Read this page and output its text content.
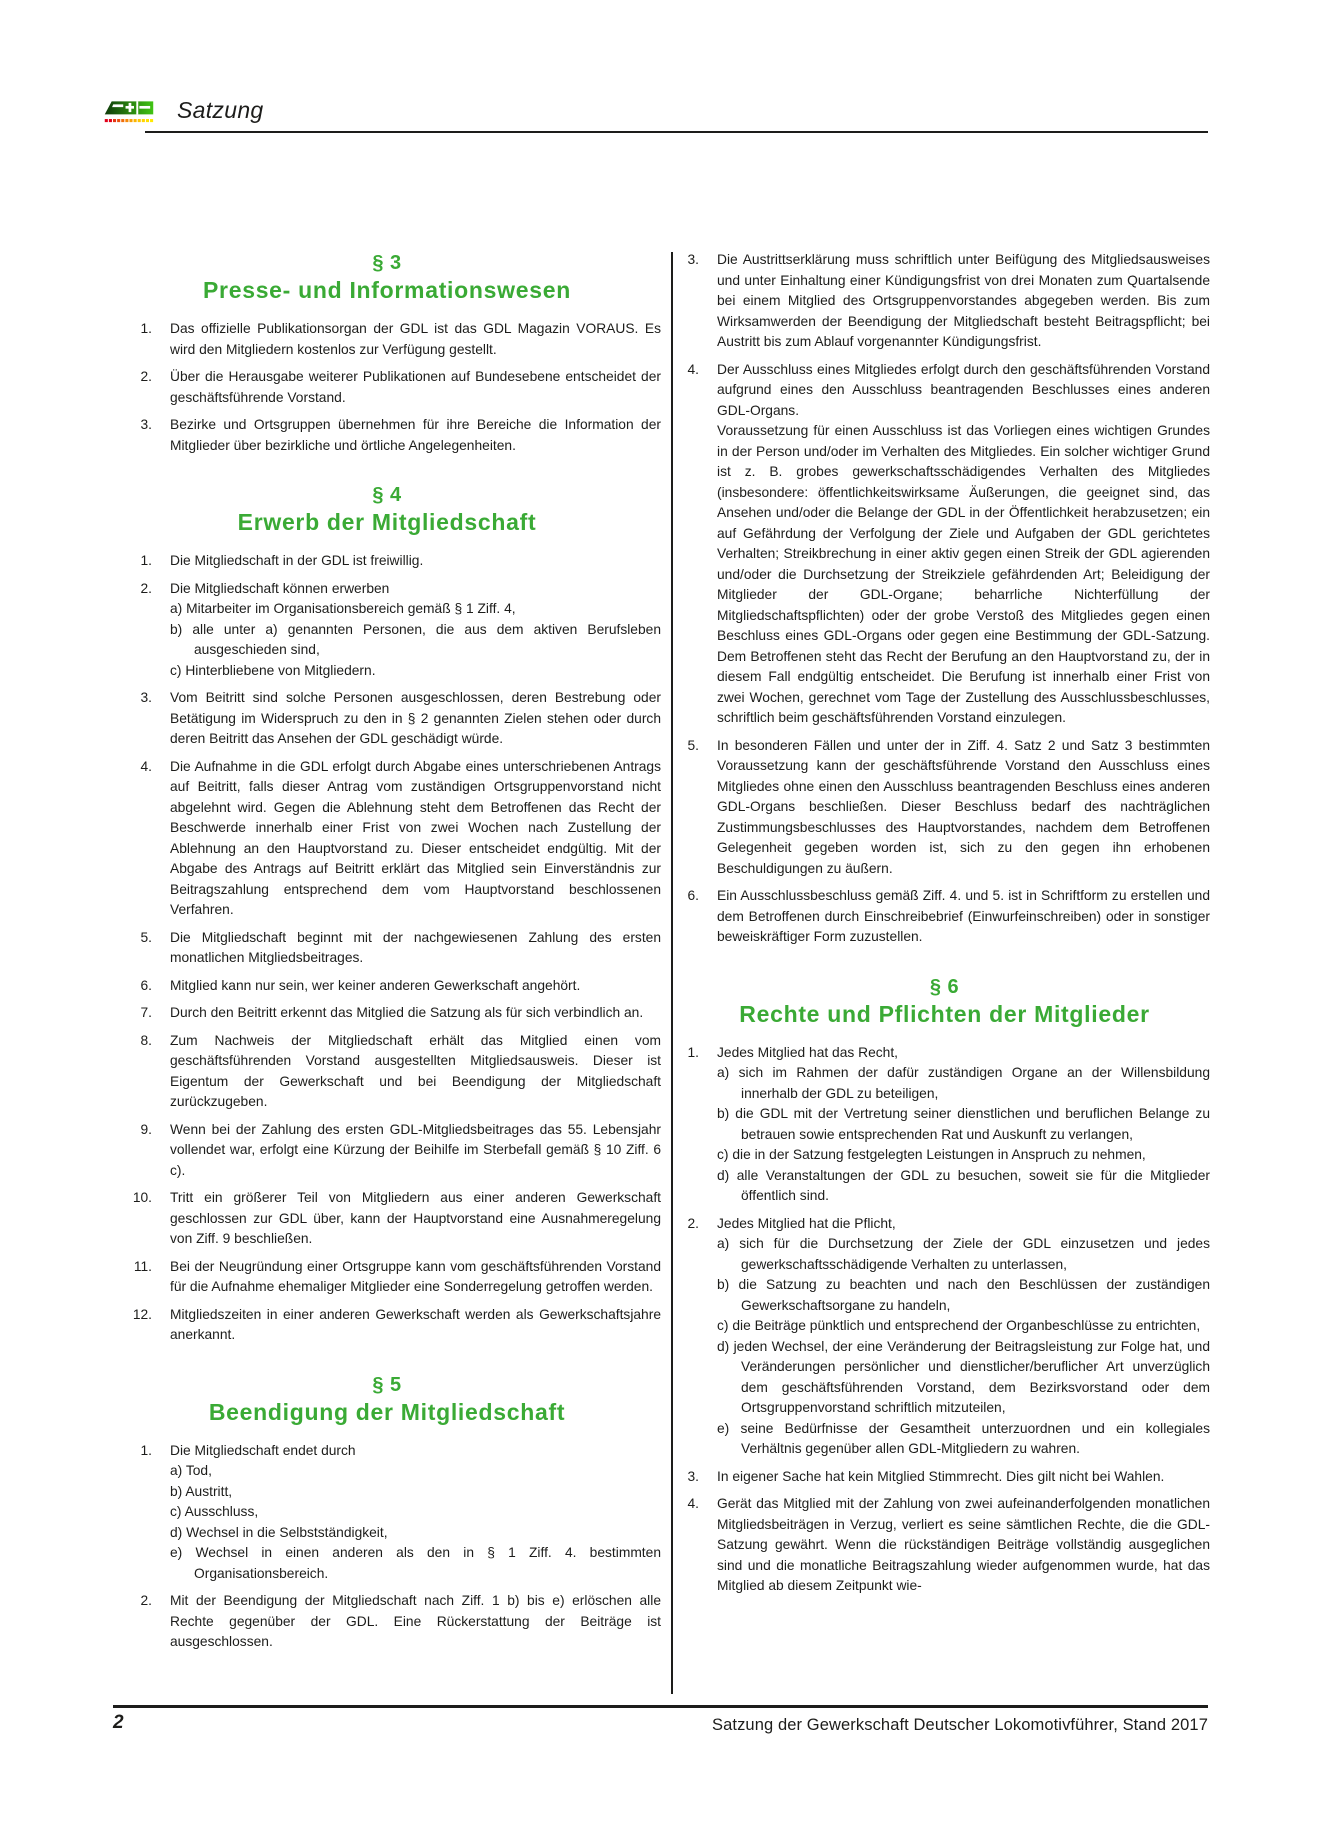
Satzung
§ 3
Presse- und Informationswesen
1. Das offizielle Publikationsorgan der GDL ist das GDL Magazin VORAUS. Es wird den Mitgliedern kostenlos zur Verfügung gestellt.
2. Über die Herausgabe weiterer Publikationen auf Bundesebene entscheidet der geschäftsführende Vorstand.
3. Bezirke und Ortsgruppen übernehmen für ihre Bereiche die Information der Mitglieder über bezirkliche und örtliche Angelegenheiten.
§ 4
Erwerb der Mitgliedschaft
1. Die Mitgliedschaft in der GDL ist freiwillig.
2. Die Mitgliedschaft können erwerben
a) Mitarbeiter im Organisationsbereich gemäß § 1 Ziff. 4,
b) alle unter a) genannten Personen, die aus dem aktiven Berufsleben ausgeschieden sind,
c) Hinterbliebene von Mitgliedern.
3. Vom Beitritt sind solche Personen ausgeschlossen, deren Bestrebung oder Betätigung im Widerspruch zu den in § 2 genannten Zielen stehen oder durch deren Beitritt das Ansehen der GDL geschädigt würde.
4. Die Aufnahme in die GDL erfolgt durch Abgabe eines unterschriebenen Antrags auf Beitritt, falls dieser Antrag vom zuständigen Ortsgruppenvorstand nicht abgelehnt wird. Gegen die Ablehnung steht dem Betroffenen das Recht der Beschwerde innerhalb einer Frist von zwei Wochen nach Zustellung der Ablehnung an den Hauptvorstand zu. Dieser entscheidet endgültig. Mit der Abgabe des Antrags auf Beitritt erklärt das Mitglied sein Einverständnis zur Beitragszahlung entsprechend dem vom Hauptvorstand beschlossenen Verfahren.
5. Die Mitgliedschaft beginnt mit der nachgewiesenen Zahlung des ersten monatlichen Mitgliedsbeitrages.
6. Mitglied kann nur sein, wer keiner anderen Gewerkschaft angehört.
7. Durch den Beitritt erkennt das Mitglied die Satzung als für sich verbindlich an.
8. Zum Nachweis der Mitgliedschaft erhält das Mitglied einen vom geschäftsführenden Vorstand ausgestellten Mitgliedsausweis. Dieser ist Eigentum der Gewerkschaft und bei Beendigung der Mitgliedschaft zurückzugeben.
9. Wenn bei der Zahlung des ersten GDL-Mitgliedsbeitrages das 55. Lebensjahr vollendet war, erfolgt eine Kürzung der Beihilfe im Sterbefall gemäß § 10 Ziff. 6 c).
10. Tritt ein größerer Teil von Mitgliedern aus einer anderen Gewerkschaft geschlossen zur GDL über, kann der Hauptvorstand eine Ausnahmeregelung von Ziff. 9 beschließen.
11. Bei der Neugründung einer Ortsgruppe kann vom geschäftsführenden Vorstand für die Aufnahme ehemaliger Mitglieder eine Sonderregelung getroffen werden.
12. Mitgliedszeiten in einer anderen Gewerkschaft werden als Gewerkschaftsjahre anerkannt.
§ 5
Beendigung der Mitgliedschaft
1. Die Mitgliedschaft endet durch
a) Tod,
b) Austritt,
c) Ausschluss,
d) Wechsel in die Selbstständigkeit,
e) Wechsel in einen anderen als den in § 1 Ziff. 4. bestimmten Organisationsbereich.
2. Mit der Beendigung der Mitgliedschaft nach Ziff. 1 b) bis e) erlöschen alle Rechte gegenüber der GDL. Eine Rückerstattung der Beiträge ist ausgeschlossen.
3. Die Austrittserklärung muss schriftlich unter Beifügung des Mitgliedsausweises und unter Einhaltung einer Kündigungsfrist von drei Monaten zum Quartalsende bei einem Mitglied des Ortsgruppenvorstandes abgegeben werden. Bis zum Wirksamwerden der Beendigung der Mitgliedschaft besteht Beitragspflicht; bei Austritt bis zum Ablauf vorgenannter Kündigungsfrist.
4. Der Ausschluss eines Mitgliedes erfolgt durch den geschäftsführenden Vorstand aufgrund eines den Ausschluss beantragenden Beschlusses eines anderen GDL-Organs.
Voraussetzung für einen Ausschluss ist das Vorliegen eines wichtigen Grundes in der Person und/oder im Verhalten des Mitgliedes. Ein solcher wichtiger Grund ist z. B. grobes gewerkschaftsschädigendes Verhalten des Mitgliedes (insbesondere: öffentlichkeitswirksame Äußerungen, die geeignet sind, das Ansehen und/oder die Belange der GDL in der Öffentlichkeit herabzusetzen; ein auf Gefährdung der Verfolgung der Ziele und Aufgaben der GDL gerichtetes Verhalten; Streikbrechung in einer aktiv gegen einen Streik der GDL agierenden und/oder die Durchsetzung der Streikziele gefährdenden Art; Beleidigung der Mitglieder der GDL-Organe; beharrliche Nichterfüllung der Mitgliedschaftspflichten) oder der grobe Verstoß des Mitgliedes gegen einen Beschluss eines GDL-Organs oder gegen eine Bestimmung der GDL-Satzung. Dem Betroffenen steht das Recht der Berufung an den Hauptvorstand zu, der in diesem Fall endgültig entscheidet. Die Berufung ist innerhalb einer Frist von zwei Wochen, gerechnet vom Tage der Zustellung des Ausschlussbeschlusses, schriftlich beim geschäftsführenden Vorstand einzulegen.
5. In besonderen Fällen und unter der in Ziff. 4. Satz 2 und Satz 3 bestimmten Voraussetzung kann der geschäftsführende Vorstand den Ausschluss eines Mitgliedes ohne einen den Ausschluss beantragenden Beschluss eines anderen GDL-Organs beschließen. Dieser Beschluss bedarf des nachträglichen Zustimmungsbeschlusses des Hauptvorstandes, nachdem dem Betroffenen Gelegenheit gegeben worden ist, sich zu den gegen ihn erhobenen Beschuldigungen zu äußern.
6. Ein Ausschlussbeschluss gemäß Ziff. 4. und 5. ist in Schriftform zu erstellen und dem Betroffenen durch Einschreibebrief (Einwurfeinschreiben) oder in sonstiger beweiskräftiger Form zuzustellen.
§ 6
Rechte und Pflichten der Mitglieder
1. Jedes Mitglied hat das Recht,
a) sich im Rahmen der dafür zuständigen Organe an der Willensbildung innerhalb der GDL zu beteiligen,
b) die GDL mit der Vertretung seiner dienstlichen und beruflichen Belange zu betrauen sowie entsprechenden Rat und Auskunft zu verlangen,
c) die in der Satzung festgelegten Leistungen in Anspruch zu nehmen,
d) alle Veranstaltungen der GDL zu besuchen, soweit sie für die Mitglieder öffentlich sind.
2. Jedes Mitglied hat die Pflicht,
a) sich für die Durchsetzung der Ziele der GDL einzusetzen und jedes gewerkschaftsschädigende Verhalten zu unterlassen,
b) die Satzung zu beachten und nach den Beschlüssen der zuständigen Gewerkschaftsorgane zu handeln,
c) die Beiträge pünktlich und entsprechend der Organbeschlüsse zu entrichten,
d) jeden Wechsel, der eine Veränderung der Beitragsleistung zur Folge hat, und Veränderungen persönlicher und dienstlicher/beruflicher Art unverzüglich dem geschäftsführenden Vorstand, dem Bezirksvorstand oder dem Ortsgruppenvorstand schriftlich mitzuteilen,
e) seine Bedürfnisse der Gesamtheit unterzuordnen und ein kollegiales Verhältnis gegenüber allen GDL-Mitgliedern zu wahren.
3. In eigener Sache hat kein Mitglied Stimmrecht. Dies gilt nicht bei Wahlen.
4. Gerät das Mitglied mit der Zahlung von zwei aufeinanderfolgenden monatlichen Mitgliedsbeiträgen in Verzug, verliert es seine sämtlichen Rechte, die die GDL-Satzung gewährt. Wenn die rückständigen Beiträge vollständig ausgeglichen sind und die monatliche Beitragszahlung wieder aufgenommen wurde, hat das Mitglied ab diesem Zeitpunkt wie-
2	Satzung der Gewerkschaft Deutscher Lokomotivführer, Stand 2017
